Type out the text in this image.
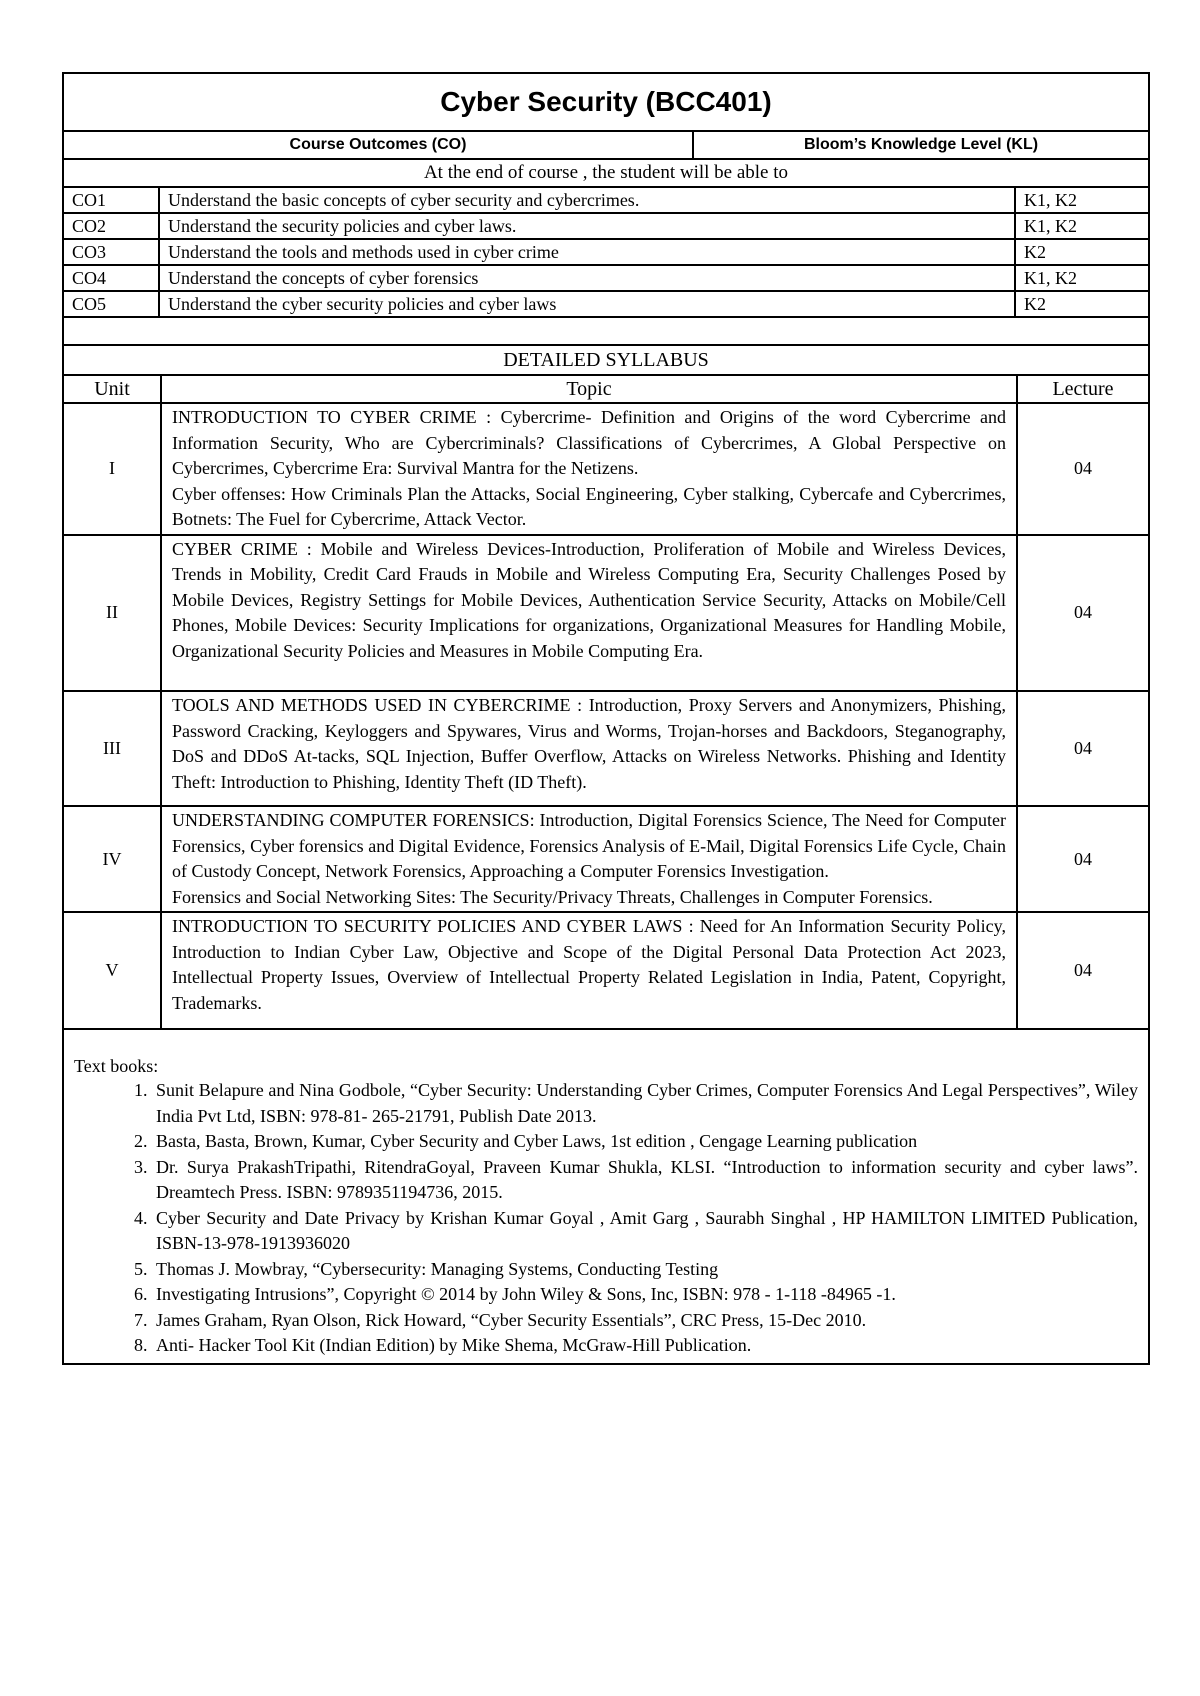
Cyber Security (BCC401)
Course Outcomes (CO)	Bloom’s Knowledge Level (KL)
At the end of course , the student will be able to
CO1	Understand the basic concepts of cyber security and cybercrimes.	K1, K2
CO2	Understand the security policies and cyber laws.	K1, K2
CO3	Understand the tools and methods used in cyber crime	K2
CO4	Understand the concepts of cyber forensics	K1, K2
CO5	Understand the cyber security policies and cyber laws	K2
DETAILED SYLLABUS
Unit	Topic	Lecture
I	INTRODUCTION TO CYBER CRIME : Cybercrime- Definition and Origins of the word Cybercrime and Information Security, Who are Cybercriminals? Classifications of Cybercrimes, A Global Perspective on Cybercrimes, Cybercrime Era: Survival Mantra for the Netizens.
Cyber offenses: How Criminals Plan the Attacks, Social Engineering, Cyber stalking, Cybercafe and Cybercrimes, Botnets: The Fuel for Cybercrime, Attack Vector.	04
II	CYBER CRIME : Mobile and Wireless Devices-Introduction, Proliferation of Mobile and Wireless Devices, Trends in Mobility, Credit Card Frauds in Mobile and Wireless Computing Era, Security Challenges Posed by Mobile Devices, Registry Settings for Mobile Devices, Authentication Service Security, Attacks on Mobile/Cell Phones, Mobile Devices: Security Implications for organizations, Organizational Measures for Handling Mobile, Organizational Security Policies and Measures in Mobile Computing Era.	04
III	TOOLS AND METHODS USED IN CYBERCRIME : Introduction, Proxy Servers and Anonymizers, Phishing, Password Cracking, Keyloggers and Spywares, Virus and Worms, Trojan-horses and Backdoors, Steganography, DoS and DDoS At-tacks, SQL Injection, Buffer Overflow, Attacks on Wireless Networks. Phishing and Identity Theft: Introduction to Phishing, Identity Theft (ID Theft).	04
IV	UNDERSTANDING COMPUTER FORENSICS: Introduction, Digital Forensics Science, The Need for Computer Forensics, Cyber forensics and Digital Evidence, Forensics Analysis of E-Mail, Digital Forensics Life Cycle, Chain of Custody Concept, Network Forensics, Approaching a Computer Forensics Investigation.
Forensics and Social Networking Sites: The Security/Privacy Threats, Challenges in Computer Forensics.	04
V	INTRODUCTION TO SECURITY POLICIES AND CYBER LAWS : Need for An Information Security Policy, Introduction to Indian Cyber Law, Objective and Scope of the Digital Personal Data Protection Act 2023, Intellectual Property Issues, Overview of Intellectual Property Related Legislation in India, Patent, Copyright, Trademarks.	04
Text books:
1. Sunit Belapure and Nina Godbole, “Cyber Security: Understanding Cyber Crimes, Computer Forensics And Legal Perspectives”, Wiley India Pvt Ltd, ISBN: 978-81- 265-21791, Publish Date 2013.
2. Basta, Basta, Brown, Kumar, Cyber Security and Cyber Laws, 1st edition , Cengage Learning publication
3. Dr. Surya PrakashTripathi, RitendraGoyal, Praveen Kumar Shukla, KLSI. “Introduction to information security and cyber laws”. Dreamtech Press. ISBN: 9789351194736, 2015.
4. Cyber Security and Date Privacy by Krishan Kumar Goyal , Amit Garg , Saurabh Singhal , HP HAMILTON LIMITED Publication, ISBN-13-978-1913936020
5. Thomas J. Mowbray, “Cybersecurity: Managing Systems, Conducting Testing
6. Investigating Intrusions”, Copyright © 2014 by John Wiley & Sons, Inc, ISBN: 978 - 1-118 -84965 -1.
7. James Graham, Ryan Olson, Rick Howard, “Cyber Security Essentials”, CRC Press, 15-Dec 2010.
8. Anti- Hacker Tool Kit (Indian Edition) by Mike Shema, McGraw-Hill Publication.
